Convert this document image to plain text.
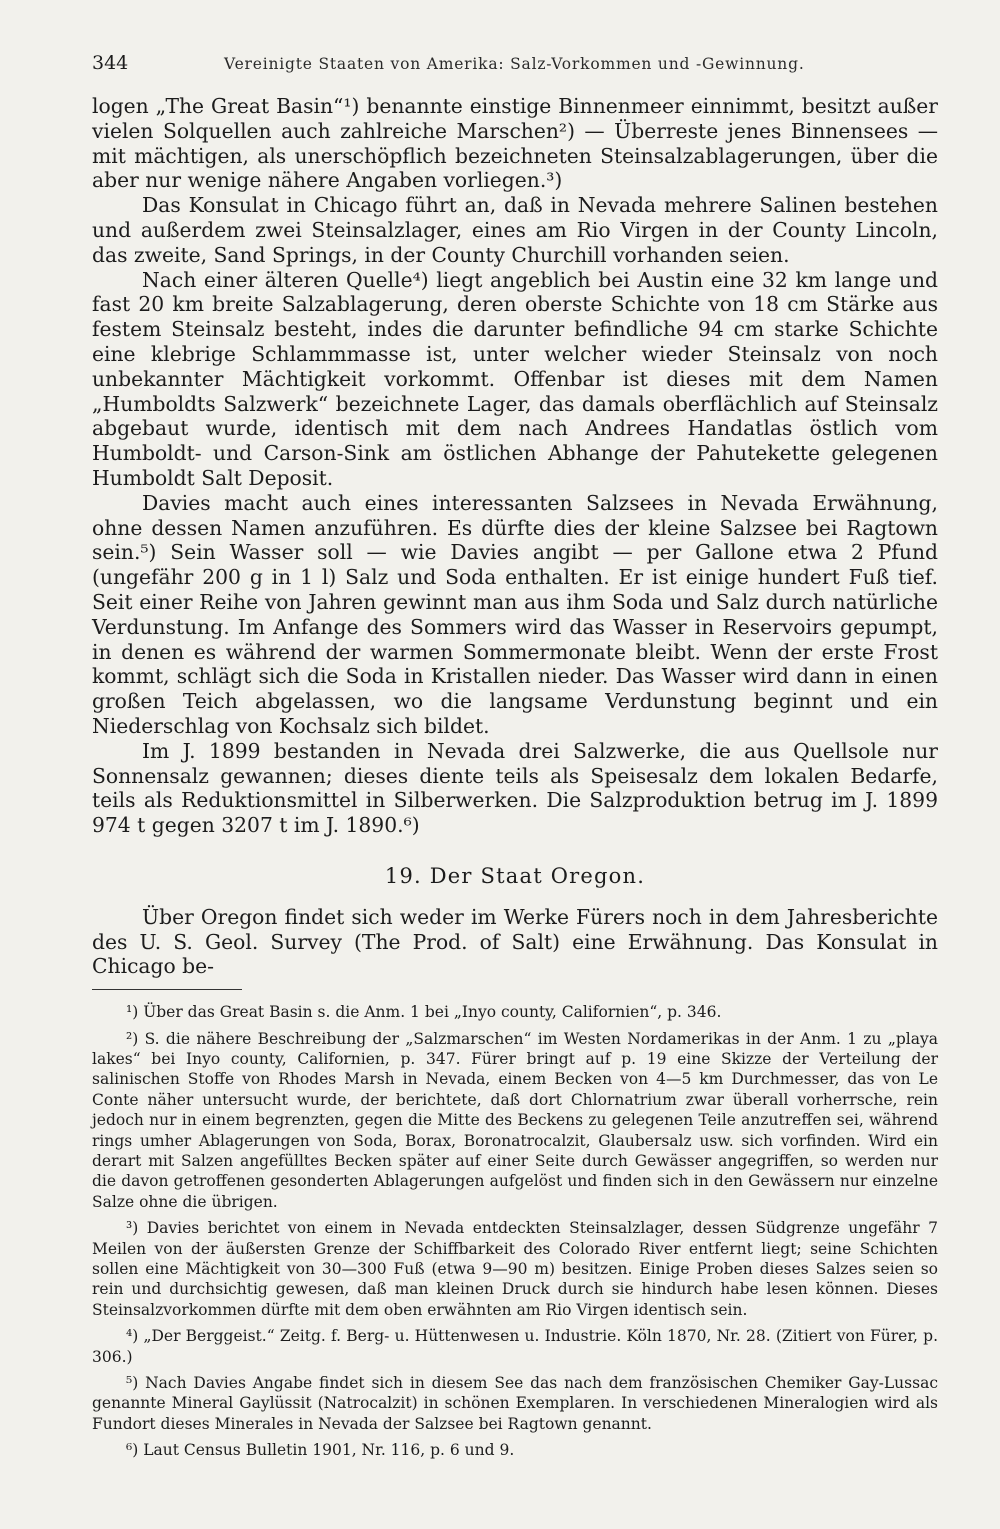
344	Vereinigte Staaten von Amerika: Salz-Vorkommen und -Gewinnung.

logen „The Great Basin“¹) benannte einstige Binnenmeer einnimmt, besitzt außer vielen Solquellen auch zahlreiche Marschen²) — Überreste jenes Binnensees — mit mächtigen, als unerschöpflich bezeichneten Steinsalzablagerungen, über die aber nur wenige nähere Angaben vorliegen.³)

Das Konsulat in Chicago führt an, daß in Nevada mehrere Salinen bestehen und außerdem zwei Steinsalzlager, eines am Rio Virgen in der County Lincoln, das zweite, Sand Springs, in der County Churchill vorhanden seien.

Nach einer älteren Quelle⁴) liegt angeblich bei Austin eine 32 km lange und fast 20 km breite Salzablagerung, deren oberste Schichte von 18 cm Stärke aus festem Steinsalz besteht, indes die darunter befindliche 94 cm starke Schichte eine klebrige Schlammmasse ist, unter welcher wieder Steinsalz von noch unbekannter Mächtigkeit vorkommt. Offenbar ist dieses mit dem Namen „Humboldts Salzwerk“ bezeichnete Lager, das damals oberflächlich auf Steinsalz abgebaut wurde, identisch mit dem nach Andrees Handatlas östlich vom Humboldt- und Carson-Sink am östlichen Abhange der Pahutekette gelegenen Humboldt Salt Deposit.

Davies macht auch eines interessanten Salzsees in Nevada Erwähnung, ohne dessen Namen anzuführen. Es dürfte dies der kleine Salzsee bei Ragtown sein.⁵) Sein Wasser soll — wie Davies angibt — per Gallone etwa 2 Pfund (ungefähr 200 g in 1 l) Salz und Soda enthalten. Er ist einige hundert Fuß tief. Seit einer Reihe von Jahren gewinnt man aus ihm Soda und Salz durch natürliche Verdunstung. Im Anfange des Sommers wird das Wasser in Reservoirs gepumpt, in denen es während der warmen Sommermonate bleibt. Wenn der erste Frost kommt, schlägt sich die Soda in Kristallen nieder. Das Wasser wird dann in einen großen Teich abgelassen, wo die langsame Verdunstung beginnt und ein Niederschlag von Kochsalz sich bildet.

Im J. 1899 bestanden in Nevada drei Salzwerke, die aus Quellsole nur Sonnensalz gewannen; dieses diente teils als Speisesalz dem lokalen Bedarfe, teils als Reduktionsmittel in Silberwerken. Die Salzproduktion betrug im J. 1899 974 t gegen 3207 t im J. 1890.⁶)

19. Der Staat Oregon.

Über Oregon findet sich weder im Werke Fürers noch in dem Jahresberichte des U. S. Geol. Survey (The Prod. of Salt) eine Erwähnung. Das Konsulat in Chicago be-

¹) Über das Great Basin s. die Anm. 1 bei „Inyo county, Californien“, p. 346.

²) S. die nähere Beschreibung der „Salzmarschen“ im Westen Nordamerikas in der Anm. 1 zu „playa lakes“ bei Inyo county, Californien, p. 347. Fürer bringt auf p. 19 eine Skizze der Verteilung der salinischen Stoffe von Rhodes Marsh in Nevada, einem Becken von 4—5 km Durchmesser, das von Le Conte näher untersucht wurde, der berichtete, daß dort Chlornatrium zwar überall vorherrsche, rein jedoch nur in einem begrenzten, gegen die Mitte des Beckens zu gelegenen Teile anzutreffen sei, während rings umher Ablagerungen von Soda, Borax, Boronatrocalzit, Glaubersalz usw. sich vorfinden. Wird ein derart mit Salzen angefülltes Becken später auf einer Seite durch Gewässer angegriffen, so werden nur die davon getroffenen gesonderten Ablagerungen aufgelöst und finden sich in den Gewässern nur einzelne Salze ohne die übrigen.

³) Davies berichtet von einem in Nevada entdeckten Steinsalzlager, dessen Südgrenze ungefähr 7 Meilen von der äußersten Grenze der Schiffbarkeit des Colorado River entfernt liegt; seine Schichten sollen eine Mächtigkeit von 30—300 Fuß (etwa 9—90 m) besitzen. Einige Proben dieses Salzes seien so rein und durchsichtig gewesen, daß man kleinen Druck durch sie hindurch habe lesen können. Dieses Steinsalzvorkommen dürfte mit dem oben erwähnten am Rio Virgen identisch sein.

⁴) „Der Berggeist.“ Zeitg. f. Berg- u. Hüttenwesen u. Industrie. Köln 1870, Nr. 28. (Zitiert von Fürer, p. 306.)

⁵) Nach Davies Angabe findet sich in diesem See das nach dem französischen Chemiker Gay-Lussac genannte Mineral Gaylüssit (Natrocalzit) in schönen Exemplaren. In verschiedenen Mineralogien wird als Fundort dieses Minerales in Nevada der Salzsee bei Ragtown genannt.

⁶) Laut Census Bulletin 1901, Nr. 116, p. 6 und 9.
